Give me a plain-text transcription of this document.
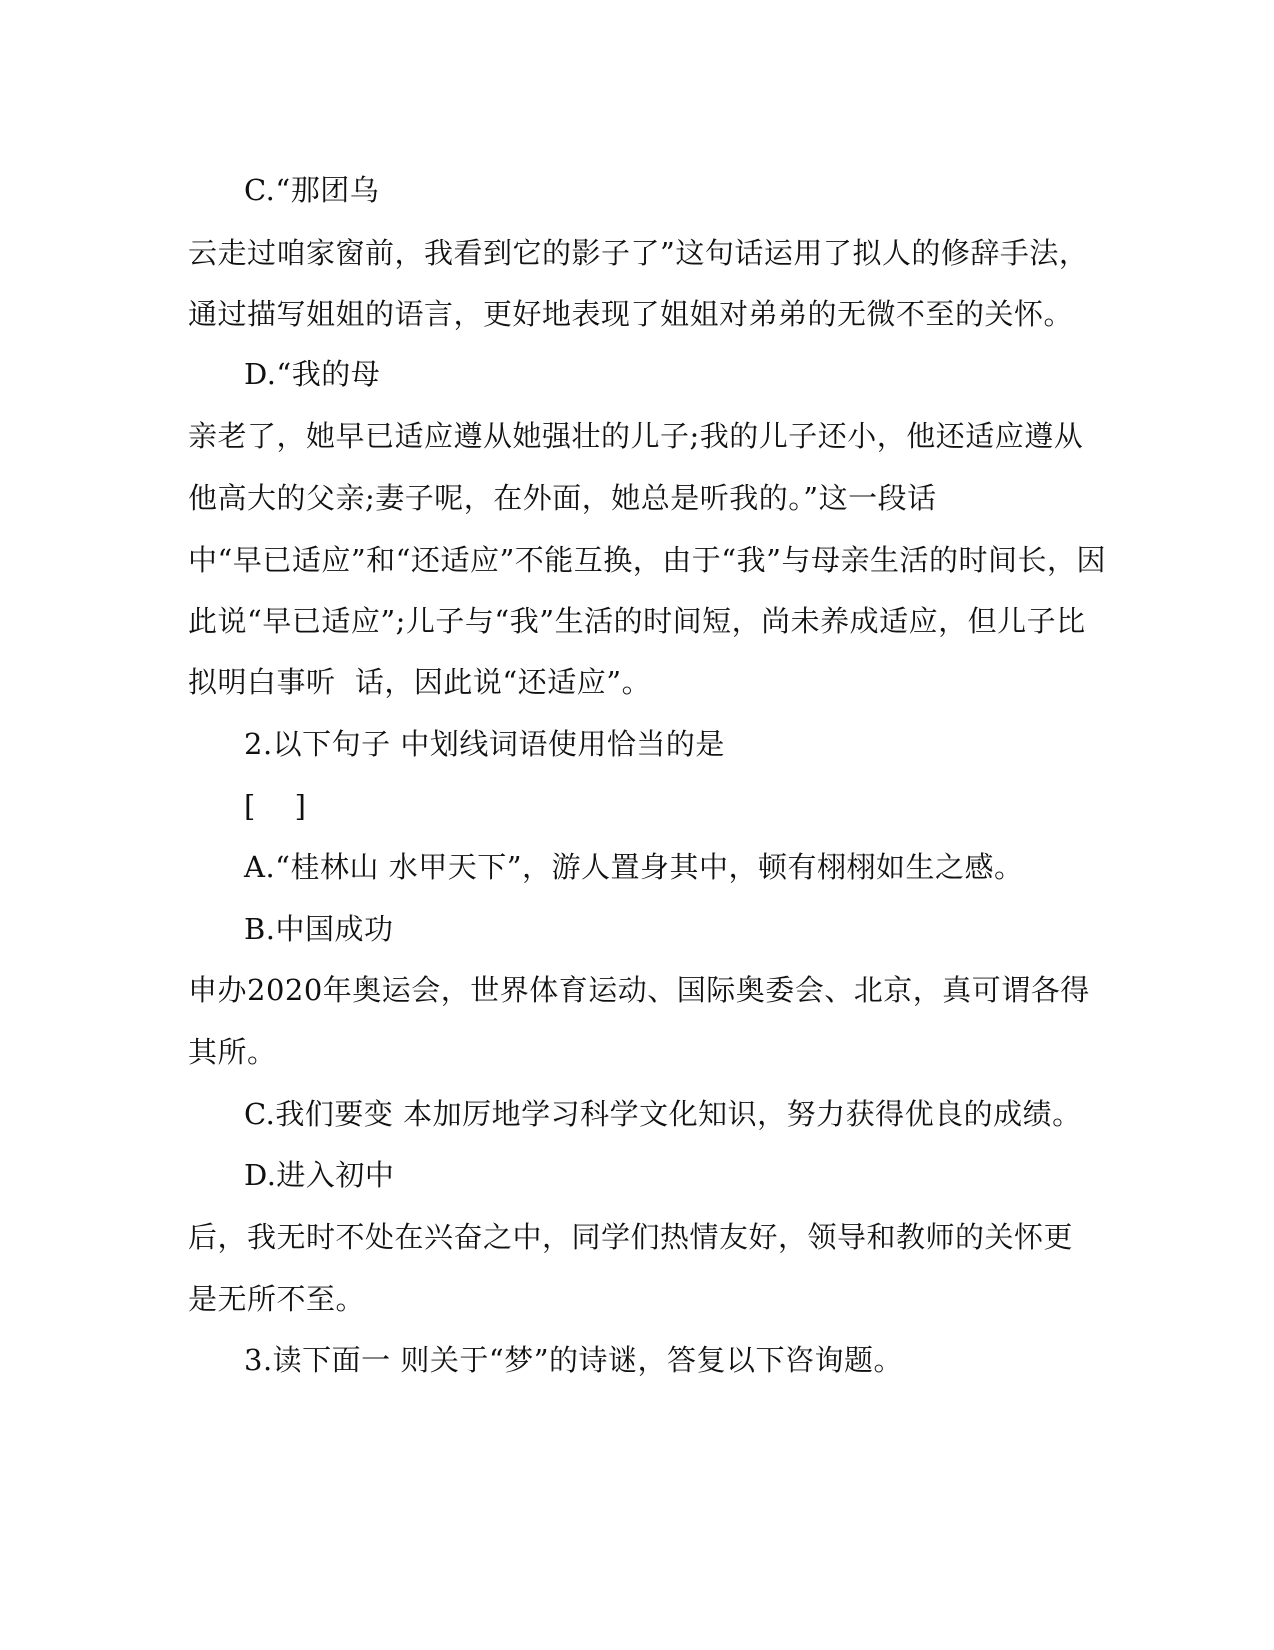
C.“那团乌

云走过咱家窗前，我看到它的影子了”这句话运用了拟人的修辞手法，

通过描写姐姐的语言，更好地表现了姐姐对弟弟的无微不至的关怀。

D.“我的母

亲老了，她早已适应遵从她强壮的儿子;我的儿子还小，他还适应遵从

他高大的父亲;妻子呢，在外面，她总是听我的。”这一段话

中“早已适应”和“还适应”不能互换，由于“我”与母亲生活的时间长，因

此说“早已适应”;儿子与“我”生活的时间短，尚未养成适应，但儿子比

拟明白事听  话，因此说“还适应”。

2.以下句子 中划线词语使用恰当的是

[    ]

A.“桂林山 水甲天下”，游人置身其中，顿有栩栩如生之感。

B.中国成功

申办2020年奥运会，世界体育运动、国际奥委会、北京，真可谓各得

其所。

C.我们要变 本加厉地学习科学文化知识，努力获得优良的成绩。

D.进入初中

后，我无时不处在兴奋之中，同学们热情友好，领导和教师的关怀更

是无所不至。

3.读下面一 则关于“梦”的诗谜，答复以下咨询题。
